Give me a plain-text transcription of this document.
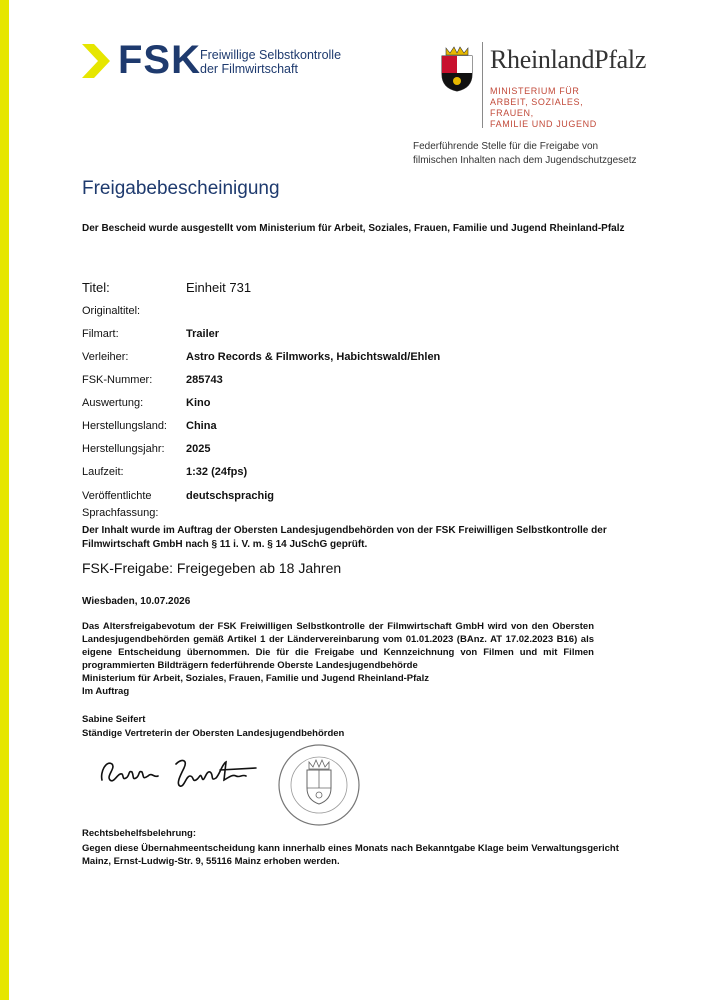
FSK Freiwillige Selbstkontrolle
der Filmwirtschaft	RheinlandPfalz
MINISTERIUM FÜR
ARBEIT, SOZIALES, FRAUEN,
FAMILIE UND JUGEND
Federführende Stelle für die Freigabe von
filmischen Inhalten nach dem Jugendschutzgesetz
Freigabebescheinigung
Der Bescheid wurde ausgestellt vom Ministerium für Arbeit, Soziales, Frauen, Familie und Jugend Rheinland-Pfalz
Titel:	Einheit 731
Originaltitel:
Filmart:	Trailer
Verleiher:	Astro Records & Filmworks, Habichtswald/Ehlen
FSK-Nummer:	285743
Auswertung:	Kino
Herstellungsland:	China
Herstellungsjahr:	2025
Laufzeit:	1:32 (24fps)
Veröffentlichte Sprachfassung:
deutschsprachig
Der Inhalt wurde im Auftrag der Obersten Landesjugendbehörden von der FSK Freiwilligen Selbstkontrolle der Filmwirtschaft GmbH nach § 11 i. V. m. § 14 JuSchG geprüft.
FSK-Freigabe: Freigegeben ab 18 Jahren
Wiesbaden, 10.07.2026
Das Altersfreigabevotum der FSK Freiwilligen Selbstkontrolle der Filmwirtschaft GmbH wird von den Obersten Landesjugendbehörden gemäß Artikel 1 der Ländervereinbarung vom 01.01.2023 (BAnz. AT 17.02.2023 B16) als eigene Entscheidung übernommen. Die für die Freigabe und Kennzeichnung von Filmen und mit Filmen programmierten Bildträgern federführende Oberste Landesjugendbehörde
Ministerium für Arbeit, Soziales, Frauen, Familie und Jugend Rheinland-Pfalz
Im Auftrag
Sabine Seifert
Ständige Vertreterin der Obersten Landesjugendbehörden
Rechtsbehelfsbelehrung:
Gegen diese Übernahmeentscheidung kann innerhalb eines Monats nach Bekanntgabe Klage beim Verwaltungsgericht Mainz, Ernst-Ludwig-Str. 9, 55116 Mainz erhoben werden.
